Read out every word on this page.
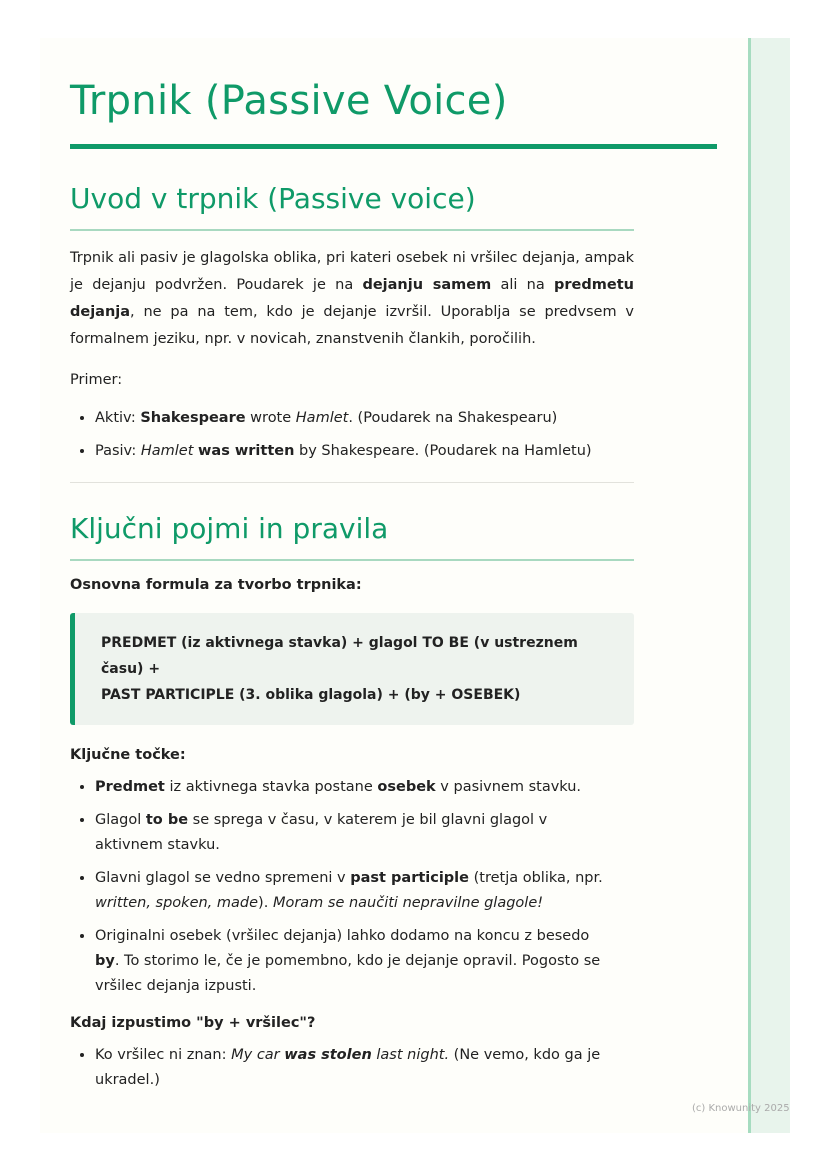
Trpnik (Passive Voice)
Uvod v trpnik (Passive voice)

Trpnik ali pasiv je glagolska oblika, pri kateri osebek ni vršilec dejanja, ampak je dejanju podvržen. Poudarek je na dejanju samem ali na predmetu dejanja, ne pa na tem, kdo je dejanje izvršil. Uporablja se predvsem v formalnem jeziku, npr. v novicah, znanstvenih člankih, poročilih.

Primer:

• Aktiv: Shakespeare wrote Hamlet. (Poudarek na Shakespearu)
• Pasiv: Hamlet was written by Shakespeare. (Poudarek na Hamletu)
Ključni pojmi in pravila
Osnovna formula za tvorbo trpnika:
PREDMET (iz aktivnega stavka) + glagol TO BE (v ustreznem času) +
PAST PARTICIPLE (3. oblika glagola) + (by + OSEBEK)
Ključne točke:
• Predmet iz aktivnega stavka postane osebek v pasivnem stavku.
• Glagol to be se sprega v času, v katerem je bil glavni glagol v aktivnem stavku.
• Glavni glagol se vedno spremeni v past participle (tretja oblika, npr. written, spoken, made). Moram se naučiti nepravilne glagole!
• Originalni osebek (vršilec dejanja) lahko dodamo na koncu z besedo by. To storimo le, če je pomembno, kdo je dejanje opravil. Pogosto se vršilec dejanja izpusti.
Kdaj izpustimo "by + vršilec"?
• Ko vršilec ni znan: My car was stolen last night. (Ne vemo, kdo ga je ukradel.)
(c) Knowunity 2025
